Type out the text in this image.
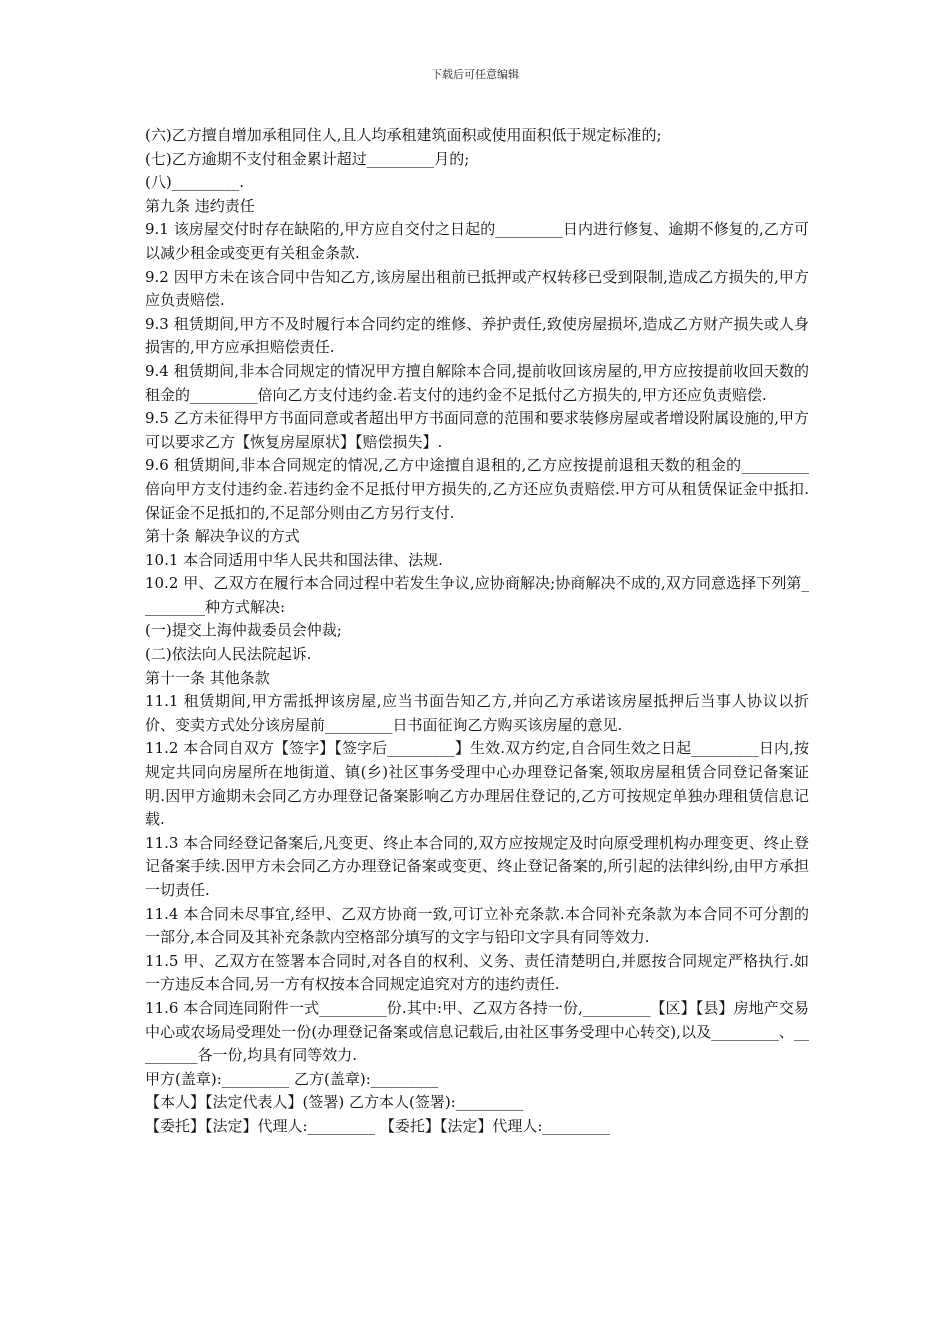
下载后可任意编辑

(六)乙方擅自增加承租同住人,且人均承租建筑面积或使用面积低于规定标准的;

(七)乙方逾期不支付租金累计超过_________月的;

(八)_________.

第九条 违约责任

9.1 该房屋交付时存在缺陷的,甲方应自交付之日起的_________日内进行修复、逾期不修复的,乙方可以减少租金或变更有关租金条款.

9.2 因甲方未在该合同中告知乙方,该房屋出租前已抵押或产权转移已受到限制,造成乙方损失的,甲方应负责赔偿.

9.3 租赁期间,甲方不及时履行本合同约定的维修、养护责任,致使房屋损坏,造成乙方财产损失或人身损害的,甲方应承担赔偿责任.

9.4 租赁期间,非本合同规定的情况甲方擅自解除本合同,提前收回该房屋的,甲方应按提前收回天数的租金的_________倍向乙方支付违约金.若支付的违约金不足抵付乙方损失的,甲方还应负责赔偿.

9.5 乙方未征得甲方书面同意或者超出甲方书面同意的范围和要求装修房屋或者增设附属设施的,甲方可以要求乙方【恢复房屋原状】【赔偿损失】.

9.6 租赁期间,非本合同规定的情况,乙方中途擅自退租的,乙方应按提前退租天数的租金的_________倍向甲方支付违约金.若违约金不足抵付甲方损失的,乙方还应负责赔偿.甲方可从租赁保证金中抵扣.保证金不足抵扣的,不足部分则由乙方另行支付.

第十条 解决争议的方式

10.1 本合同适用中华人民共和国法律、法规.

10.2 甲、乙双方在履行本合同过程中若发生争议,应协商解决;协商解决不成的,双方同意选择下列第_________种方式解决:

(一)提交上海仲裁委员会仲裁;

(二)依法向人民法院起诉.

第十一条 其他条款

11.1 租赁期间,甲方需抵押该房屋,应当书面告知乙方,并向乙方承诺该房屋抵押后当事人协议以折价、变卖方式处分该房屋前_________日书面征询乙方购买该房屋的意见.

11.2 本合同自双方【签字】【签字后_________】生效.双方约定,自合同生效之日起_________日内,按规定共同向房屋所在地街道、镇(乡)社区事务受理中心办理登记备案,领取房屋租赁合同登记备案证明.因甲方逾期未会同乙方办理登记备案影响乙方办理居住登记的,乙方可按规定单独办理租赁信息记载.

11.3 本合同经登记备案后,凡变更、终止本合同的,双方应按规定及时向原受理机构办理变更、终止登记备案手续.因甲方未会同乙方办理登记备案或变更、终止登记备案的,所引起的法律纠纷,由甲方承担一切责任.

11.4 本合同未尽事宜,经甲、乙双方协商一致,可订立补充条款.本合同补充条款为本合同不可分割的一部分,本合同及其补充条款内空格部分填写的文字与铅印文字具有同等效力.

11.5 甲、乙双方在签署本合同时,对各自的权利、义务、责任清楚明白,并愿按合同规定严格执行.如一方违反本合同,另一方有权按本合同规定追究对方的违约责任.

11.6 本合同连同附件一式_________份.其中:甲、乙双方各持一份,_________【区】【县】房地产交易中心或农场局受理处一份(办理登记备案或信息记载后,由社区事务受理中心转交),以及_________、_________各一份,均具有同等效力.

甲方(盖章):_________ 乙方(盖章):_________

【本人】【法定代表人】(签署) 乙方本人(签署):_________

【委托】【法定】代理人:_________ 【委托】【法定】代理人:_________
